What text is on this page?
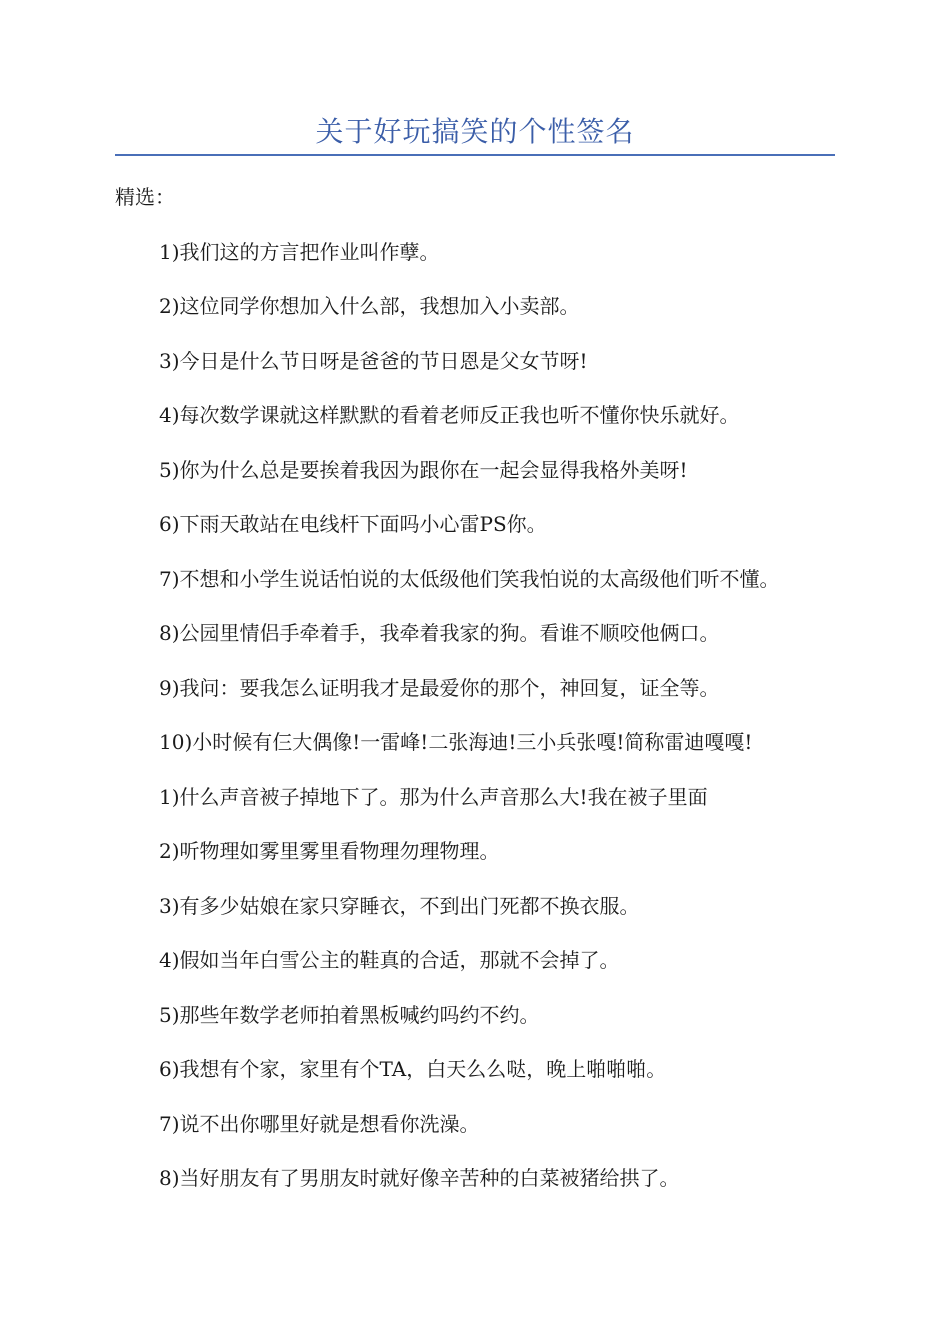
关于好玩搞笑的个性签名

精选：

1)我们这的方言把作业叫作孽。

2)这位同学你想加入什么部，我想加入小卖部。

3)今日是什么节日呀是爸爸的节日恩是父女节呀!

4)每次数学课就这样默默的看着老师反正我也听不懂你快乐就好。

5)你为什么总是要挨着我因为跟你在一起会显得我格外美呀!

6)下雨天敢站在电线杆下面吗小心雷PS你。

7)不想和小学生说话怕说的太低级他们笑我怕说的太高级他们听不懂。

8)公园里情侣手牵着手，我牵着我家的狗。看谁不顺咬他俩口。

9)我问：要我怎么证明我才是最爱你的那个，神回复，证全等。

10)小时候有仨大偶像!一雷峰!二张海迪!三小兵张嘎!简称雷迪嘎嘎!

1)什么声音被子掉地下了。那为什么声音那么大!我在被子里面

2)听物理如雾里雾里看物理勿理物理。

3)有多少姑娘在家只穿睡衣，不到出门死都不换衣服。

4)假如当年白雪公主的鞋真的合适，那就不会掉了。

5)那些年数学老师拍着黑板喊约吗约不约。

6)我想有个家，家里有个TA，白天么么哒，晚上啪啪啪。

7)说不出你哪里好就是想看你洗澡。

8)当好朋友有了男朋友时就好像辛苦种的白菜被猪给拱了。
